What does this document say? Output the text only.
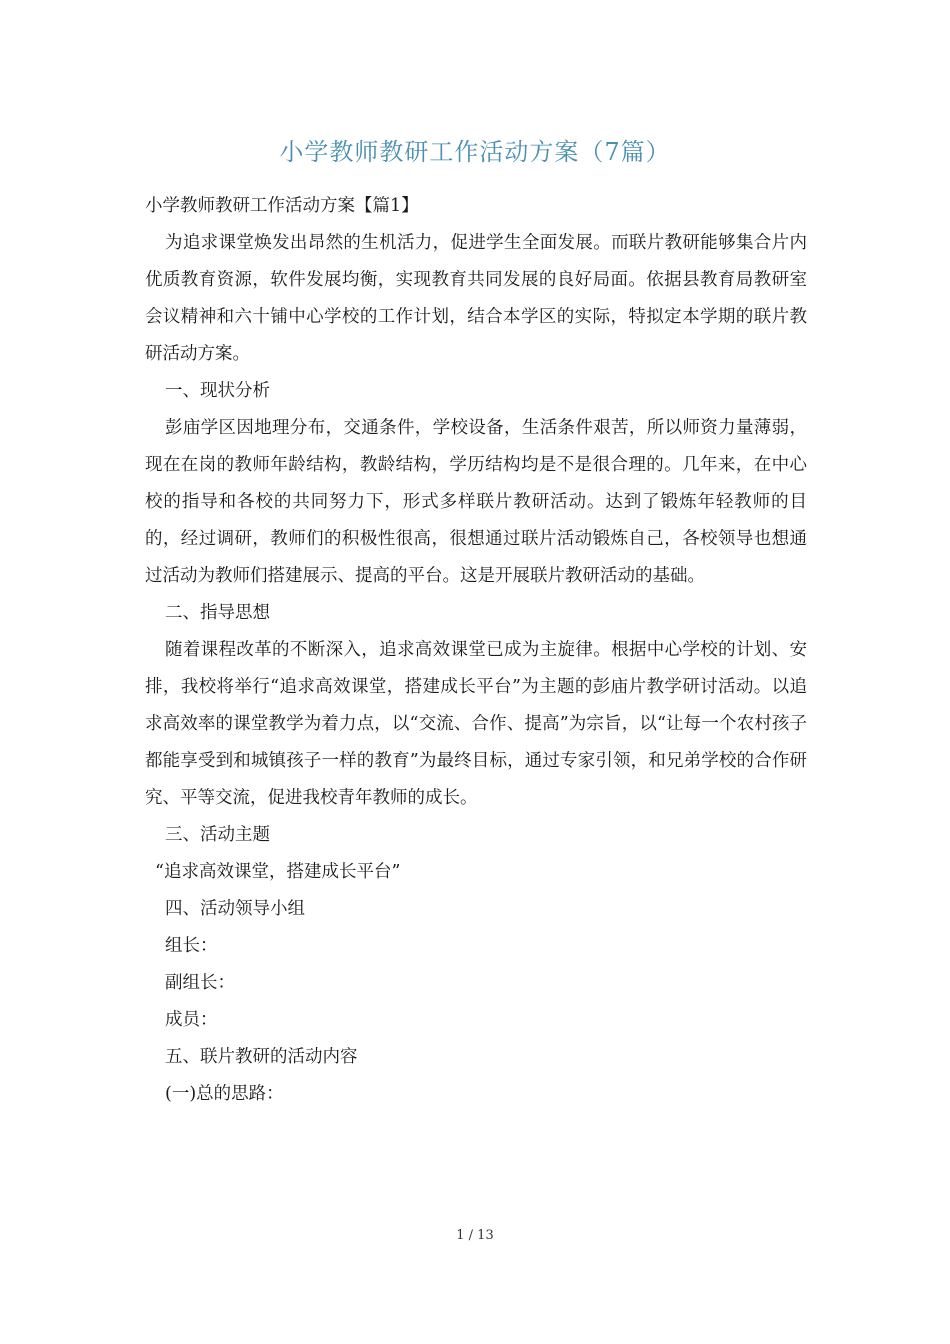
小学教师教研工作活动方案（7篇）

小学教师教研工作活动方案【篇1】

为追求课堂焕发出昂然的生机活力，促进学生全面发展。而联片教研能够集合片内优质教育资源，软件发展均衡，实现教育共同发展的良好局面。依据县教育局教研室会议精神和六十铺中心学校的工作计划，结合本学区的实际，特拟定本学期的联片教研活动方案。

一、现状分析

彭庙学区因地理分布，交通条件，学校设备，生活条件艰苦，所以师资力量薄弱，现在在岗的教师年龄结构，教龄结构，学历结构均是不是很合理的。几年来，在中心校的指导和各校的共同努力下，形式多样联片教研活动。达到了锻炼年轻教师的目的，经过调研，教师们的积极性很高，很想通过联片活动锻炼自己，各校领导也想通过活动为教师们搭建展示、提高的平台。这是开展联片教研活动的基础。

二、指导思想

随着课程改革的不断深入，追求高效课堂已成为主旋律。根据中心学校的计划、安排，我校将举行“追求高效课堂，搭建成长平台”为主题的彭庙片教学研讨活动。以追求高效率的课堂教学为着力点，以“交流、合作、提高”为宗旨，以“让每一个农村孩子都能享受到和城镇孩子一样的教育”为最终目标，通过专家引领，和兄弟学校的合作研究、平等交流，促进我校青年教师的成长。

三、活动主题

“追求高效课堂，搭建成长平台”

四、活动领导小组

组长：

副组长：

成员：

五、联片教研的活动内容

(一)总的思路：

1 / 13
